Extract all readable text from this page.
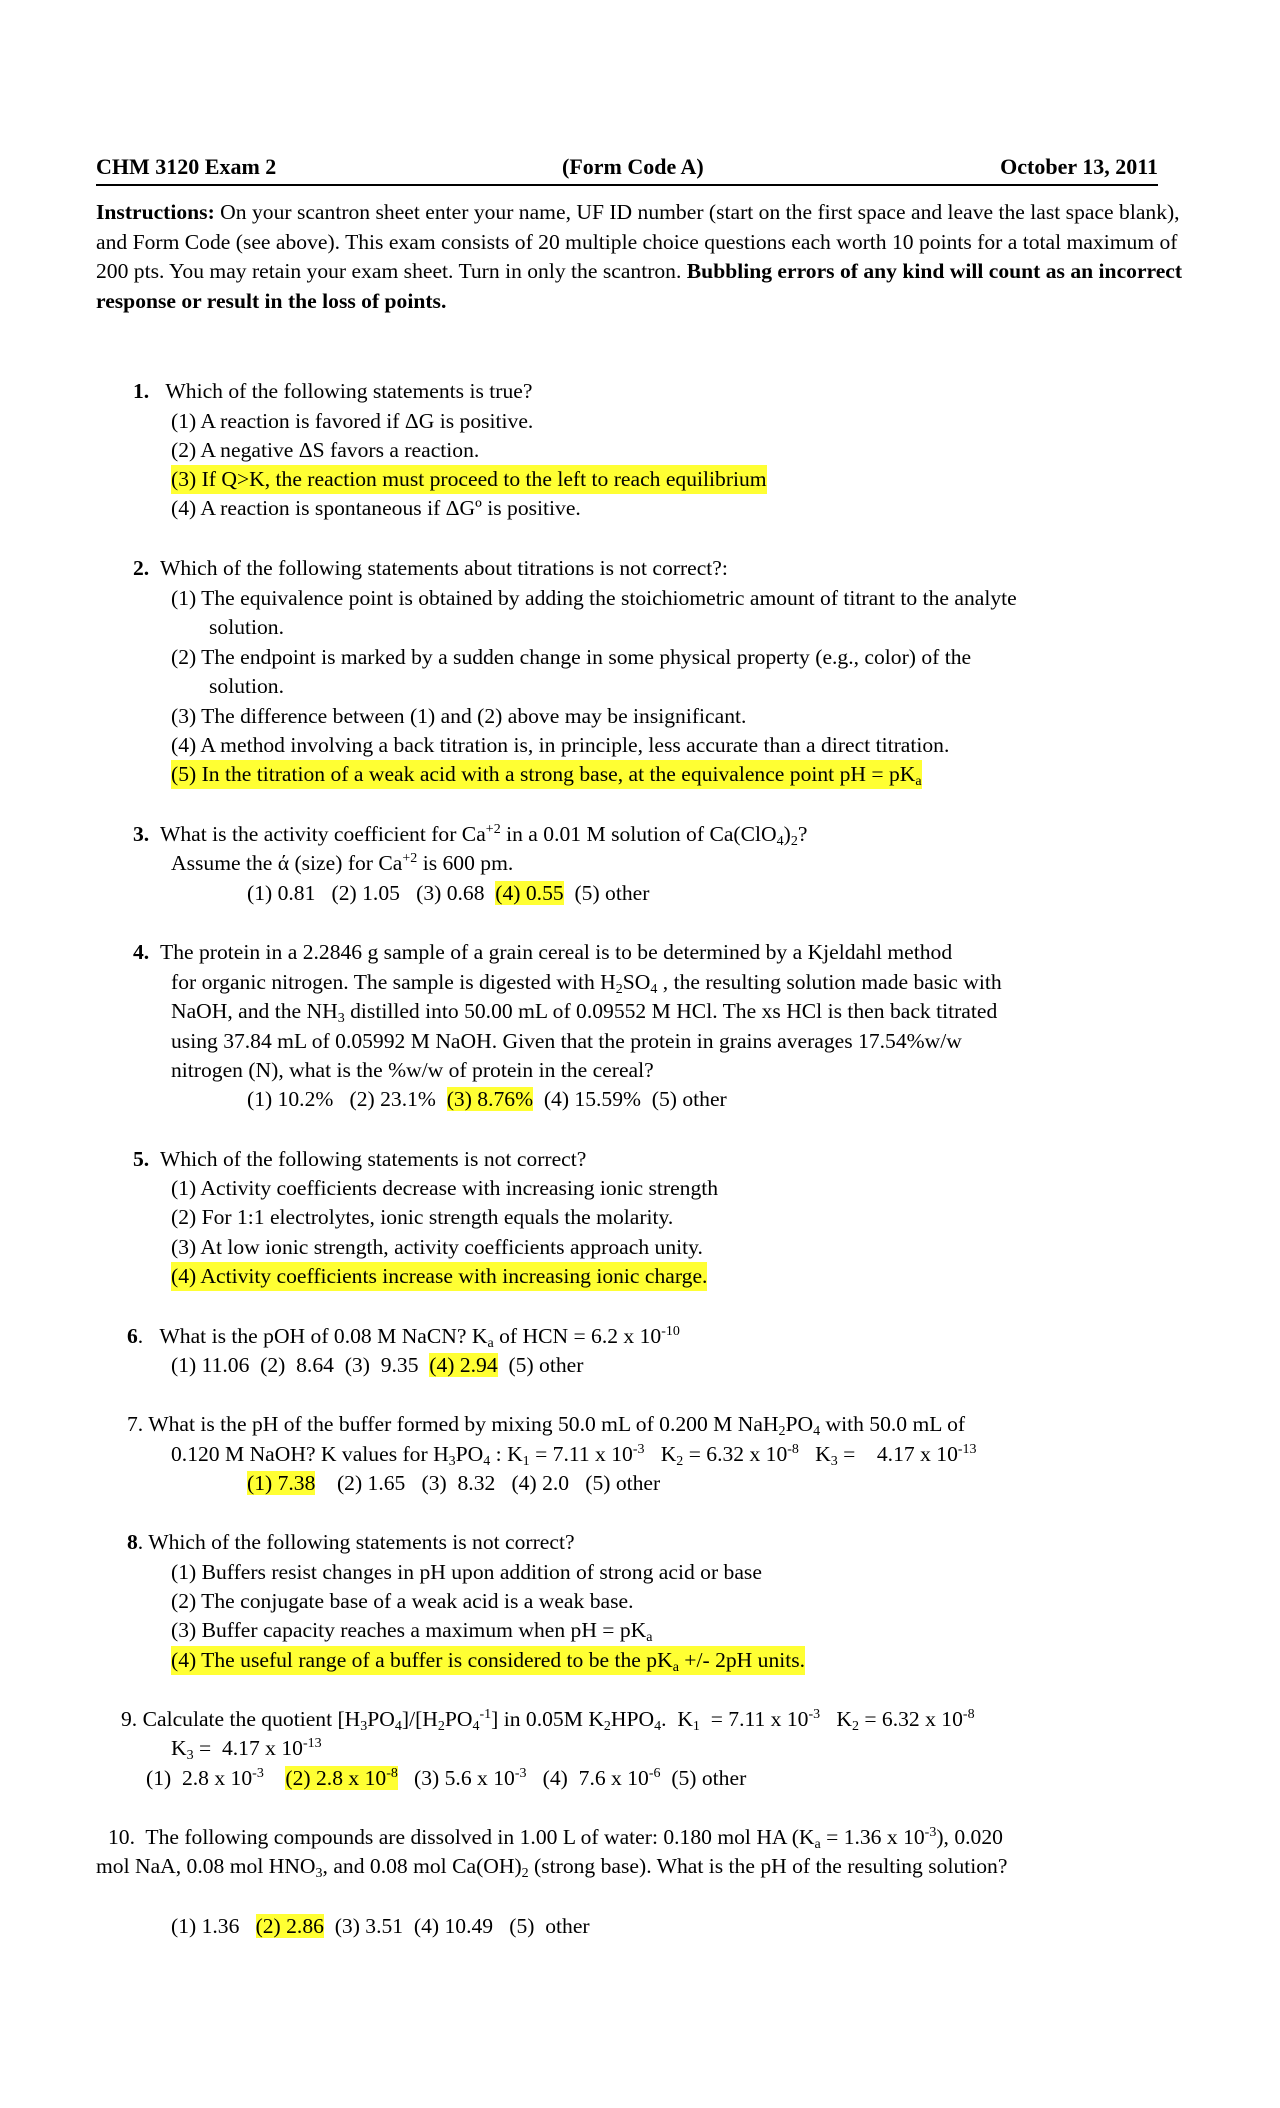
CHM 3120 Exam 2	(Form Code A)	October 13, 2011
Instructions: On your scantron sheet enter your name, UF ID number (start on the first space and leave the last space blank), and Form Code (see above). This exam consists of 20 multiple choice questions each worth 10 points for a total maximum of 200 pts. You may retain your exam sheet. Turn in only the scantron. Bubbling errors of any kind will count as an incorrect response or result in the loss of points.
1. Which of the following statements is true?
(1) A reaction is favored if ΔG is positive.
(2) A negative ΔS favors a reaction.
(3) If Q>K, the reaction must proceed to the left to reach equilibrium
(4) A reaction is spontaneous if ΔGº is positive.
2. Which of the following statements about titrations is not correct?:
(1) The equivalence point is obtained by adding the stoichiometric amount of titrant to the analyte
solution.
(2) The endpoint is marked by a sudden change in some physical property (e.g., color) of the
solution.
(3) The difference between (1) and (2) above may be insignificant.
(4) A method involving a back titration is, in principle, less accurate than a direct titration.
(5) In the titration of a weak acid with a strong base, at the equivalence point pH = $pK_a$
3. What is the activity coefficient for $Ca^{+2}$ in a 0.01 M solution of $Ca(ClO_4)_2$?
Assume the ά (size) for $Ca^{+2}$ is 600 pm.
(1) 0.81   (2) 1.05   (3) 0.68  (4) 0.55  (5) other
4. The protein in a 2.2846 g sample of a grain cereal is to be determined by a Kjeldahl method
for organic nitrogen. The sample is digested with $H_2SO_4$ , the resulting solution made basic with
NaOH, and the $NH_3$ distilled into 50.00 mL of 0.09552 M HCl. The xs HCl is then back titrated
using 37.84 mL of 0.05992 M NaOH. Given that the protein in grains averages 17.54%w/w
nitrogen (N), what is the %w/w of protein in the cereal?
(1) 10.2%   (2) 23.1%  (3) 8.76%  (4) 15.59%  (5) other
5. Which of the following statements is not correct?
(1) Activity coefficients decrease with increasing ionic strength
(2) For 1:1 electrolytes, ionic strength equals the molarity.
(3) At low ionic strength, activity coefficients approach unity.
(4) Activity coefficients increase with increasing ionic charge.
6. What is the pOH of 0.08 M NaCN? $K_a$ of HCN = 6.2 x $10^{-10}$
(1) 11.06  (2)  8.64  (3)  9.35  (4) 2.94  (5) other
7. What is the pH of the buffer formed by mixing 50.0 mL of 0.200 M $NaH_2PO_4$ with 50.0 mL of
0.120 M NaOH? K values for $H_3PO_4$ : $K_1 = 7.11$ x $10^{-3}$   $K_2 = 6.32$ x $10^{-8}$   $K_3$ =    4.17 x $10^{-13}$
(1) 7.38    (2) 1.65   (3)  8.32   (4) 2.0   (5) other
8. Which of the following statements is not correct?
(1) Buffers resist changes in pH upon addition of strong acid or base
(2) The conjugate base of a weak acid is a weak base.
(3) Buffer capacity reaches a maximum when pH = $pK_a$
(4) The useful range of a buffer is considered to be the $pK_a$ +/- 2pH units.
9. Calculate the quotient $[H_3PO_4]/[H_2PO_4^{-1}]$ in 0.05M $K_2HPO_4$.  $K_1 = 7.11$ x $10^{-3}$   $K_2 = 6.32$ x $10^{-8}$
$K_3 = 4.17$ x $10^{-13}$
(1)  2.8 x $10^{-3}$ (2) 2.8 x $10^{-8}$   (3) 5.6 x $10^{-3}$   (4)  7.6 x $10^{-6}$  (5) other
10.  The following compounds are dissolved in 1.00 L of water: 0.180 mol HA ($K_a = 1.36$ x $10^{-3}$), 0.020
mol NaA, 0.08 mol $HNO_3$, and 0.08 mol $Ca(OH)_2$ (strong base). What is the pH of the resulting solution?
(1) 1.36   (2) 2.86  (3) 3.51  (4) 10.49   (5)  other
